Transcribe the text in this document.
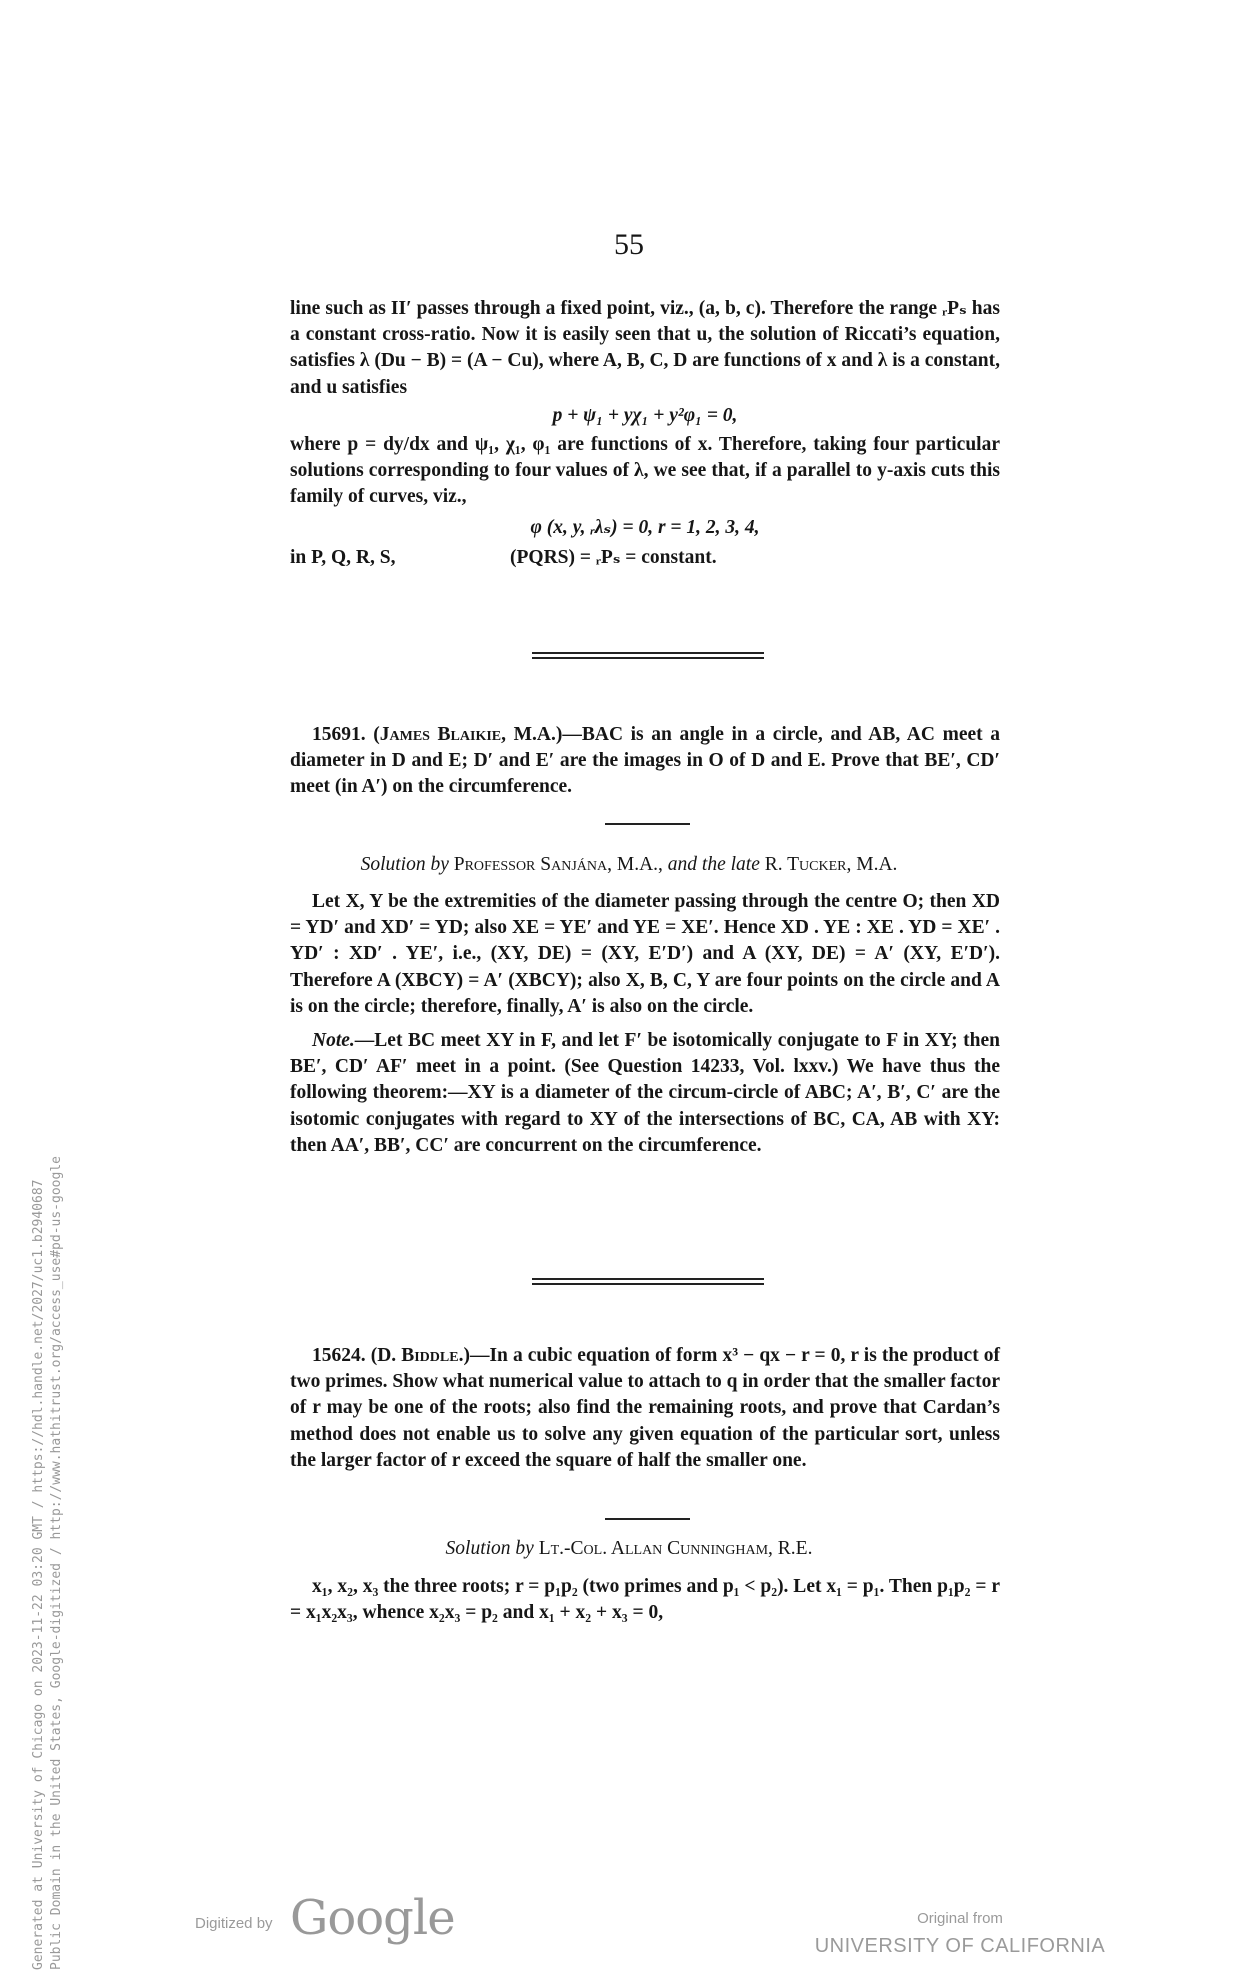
55

line such as II′ passes through a fixed point, viz., (a, b, c). Therefore the range ᵣPₛ has a constant cross-ratio. Now it is easily seen that u, the solution of Riccati’s equation, satisfies λ (Du − B) = (A − Cu), where A, B, C, D are functions of x and λ is a constant, and u satisfies

p + ψ₁ + yχ₁ + y²φ₁ = 0,

where p = dy/dx and ψ₁, χ₁, φ₁ are functions of x. Therefore, taking four particular solutions corresponding to four values of λ, we see that, if a parallel to y-axis cuts this family of curves, viz.,

φ (x, y, ᵣλₛ) = 0, r = 1, 2, 3, 4,

in P, Q, R, S,	(PQRS) = ᵣPₛ = constant.

15691. (James Blaikie, M.A.)—BAC is an angle in a circle, and AB, AC meet a diameter in D and E; D′ and E′ are the images in O of D and E. Prove that BE′, CD′ meet (in A′) on the circumference.

Solution by Professor Sanjána, M.A., and the late R. Tucker, M.A.

Let X, Y be the extremities of the diameter passing through the centre O; then XD = YD′ and XD′ = YD; also XE = YE′ and YE = XE′. Hence XD . YE : XE . YD = XE′ . YD′ : XD′ . YE′, i.e., (XY, DE) = (XY, E′D′) and A (XY, DE) = A′ (XY, E′D′). Therefore A (XBCY) = A′ (XBCY); also X, B, C, Y are four points on the circle and A is on the circle; therefore, finally, A′ is also on the circle.

Note.—Let BC meet XY in F, and let F′ be isotomically conjugate to F in XY; then BE′, CD′ AF′ meet in a point. (See Question 14233, Vol. lxxv.) We have thus the following theorem:—XY is a diameter of the circum-circle of ABC; A′, B′, C′ are the isotomic conjugates with regard to XY of the intersections of BC, CA, AB with XY: then AA′, BB′, CC′ are concurrent on the circumference.

15624. (D. Biddle.)—In a cubic equation of form x³ − qx − r = 0, r is the product of two primes. Show what numerical value to attach to q in order that the smaller factor of r may be one of the roots; also find the remaining roots, and prove that Cardan’s method does not enable us to solve any given equation of the particular sort, unless the larger factor of r exceed the square of half the smaller one.

Solution by Lt.-Col. Allan Cunningham, R.E.

x₁, x₂, x₃ the three roots; r = p₁p₂ (two primes and p₁ < p₂). Let x₁ = p₁. Then p₁p₂ = r = x₁x₂x₃, whence x₂x₃ = p₂ and x₁ + x₂ + x₃ = 0,

Generated at University of Chicago on 2023-11-22 03:20 GMT / https://hdl.handle.net/2027/uc1.b2940687 Public Domain in the United States, Google-digitized / http://www.hathitrust.org/access_use#pd-us-google	Digitized by Google	Original from
UNIVERSITY OF CALIFORNIA
